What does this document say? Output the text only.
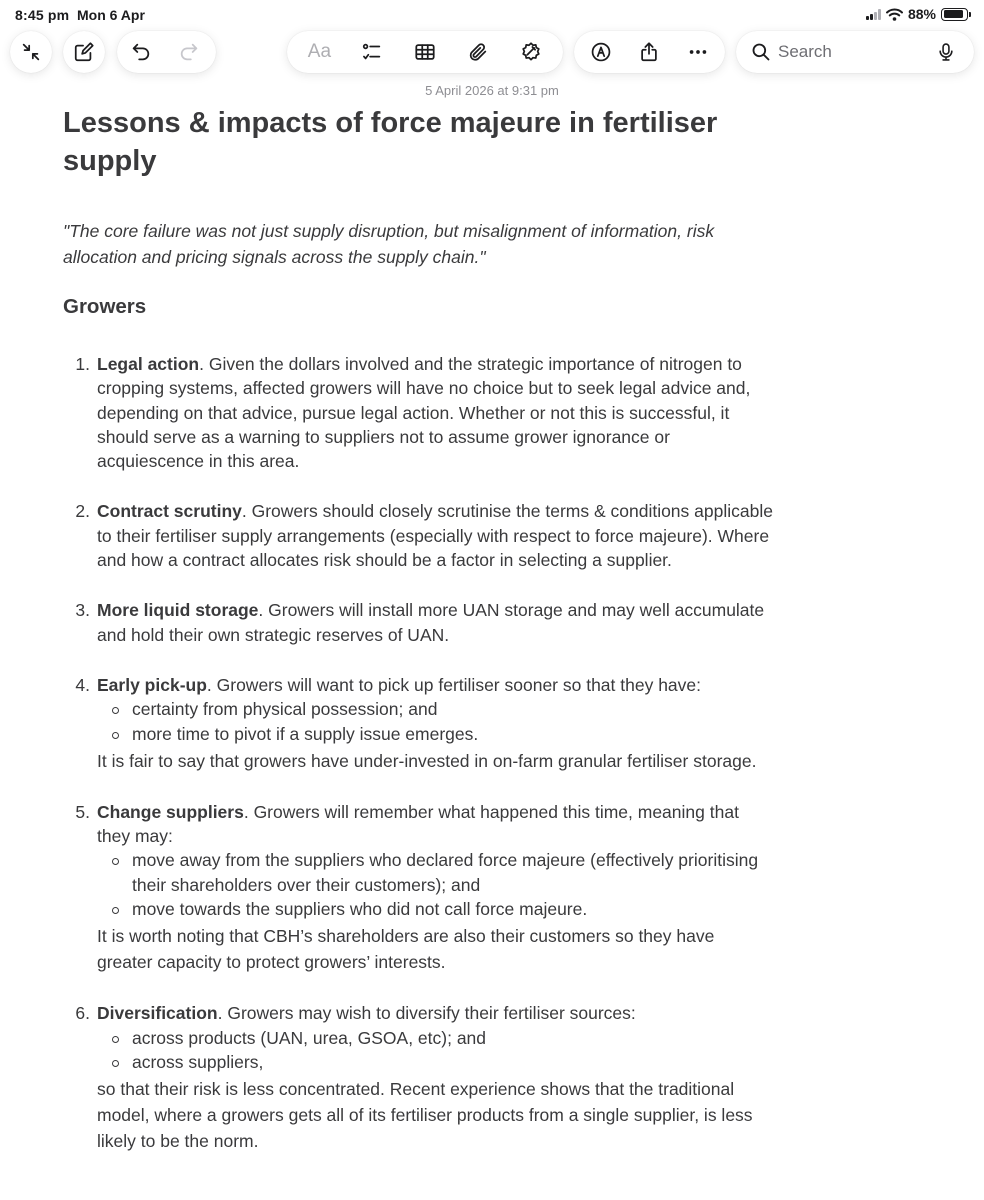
8:45 pm Mon 6 Apr	88%
Aa
Search
5 April 2026 at 9:31 pm
Lessons & impacts of force majeure in fertiliser supply

"The core failure was not just supply disruption, but misalignment of information, risk allocation and pricing signals across the supply chain."

Growers
1. Legal action. Given the dollars involved and the strategic importance of nitrogen to cropping systems, affected growers will have no choice but to seek legal advice and, depending on that advice, pursue legal action. Whether or not this is successful, it should serve as a warning to suppliers not to assume grower ignorance or acquiescence in this area.
2. Contract scrutiny. Growers should closely scrutinise the terms & conditions applicable to their fertiliser supply arrangements (especially with respect to force majeure). Where and how a contract allocates risk should be a factor in selecting a supplier.
3. More liquid storage. Growers will install more UAN storage and may well accumulate and hold their own strategic reserves of UAN.
4. Early pick-up. Growers will want to pick up fertiliser sooner so that they have:
certainty from physical possession; and
more time to pivot if a supply issue emerges.
It is fair to say that growers have under-invested in on-farm granular fertiliser storage.
5. Change suppliers. Growers will remember what happened this time, meaning that they may:
move away from the suppliers who declared force majeure (effectively prioritising their shareholders over their customers); and
move towards the suppliers who did not call force majeure.
It is worth noting that CBH’s shareholders are also their customers so they have greater capacity to protect growers’ interests.
6. Diversification. Growers may wish to diversify their fertiliser sources:
across products (UAN, urea, GSOA, etc); and
across suppliers,
so that their risk is less concentrated. Recent experience shows that the traditional model, where a growers gets all of its fertiliser products from a single supplier, is less likely to be the norm.
